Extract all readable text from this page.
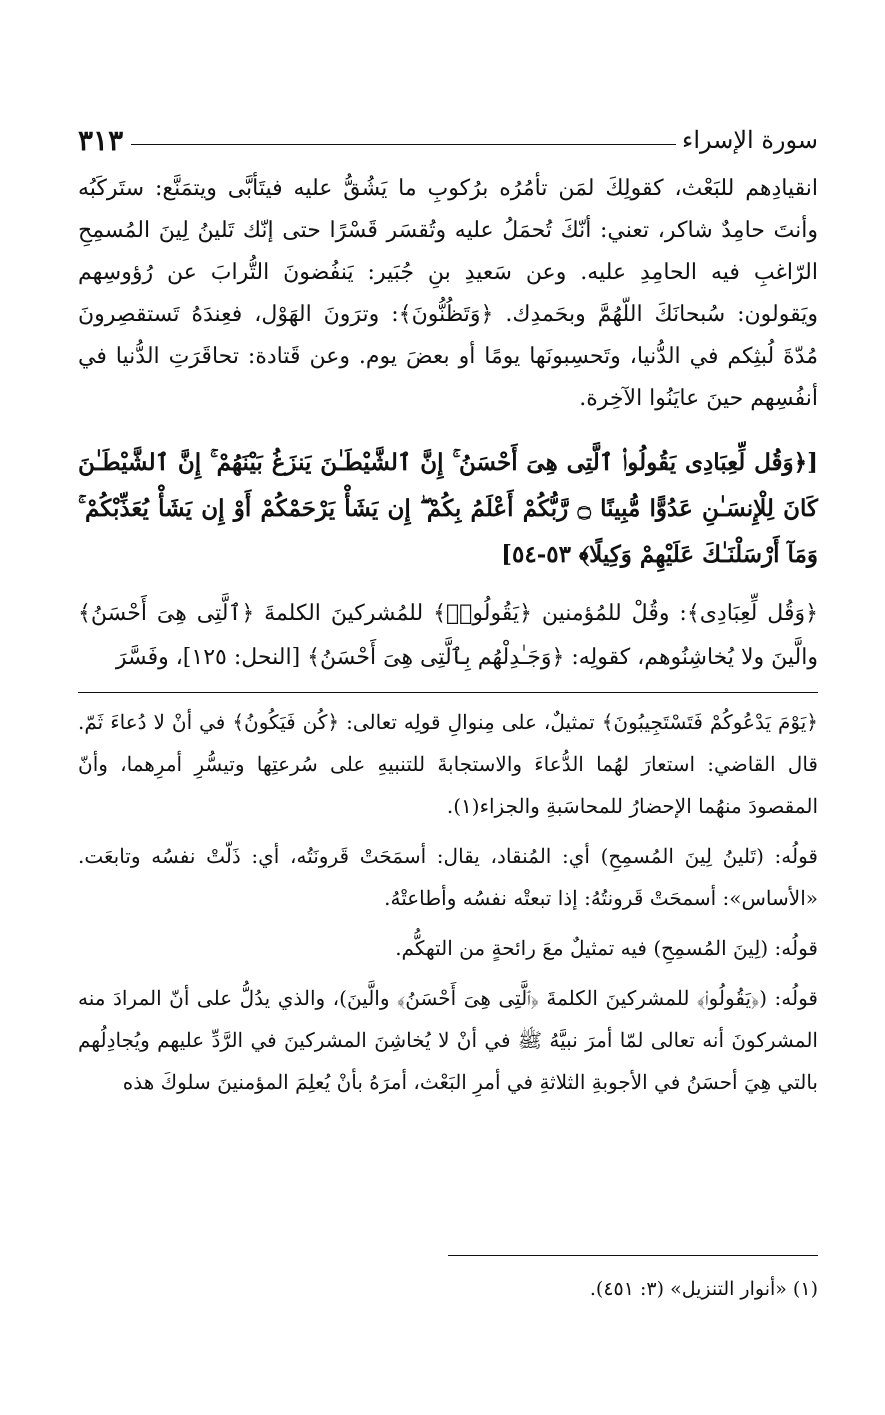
سورة الإسراء
٣١٣

انقيادِهم للبَعْث، كقولِكَ لمَن تأمُرُه برُكوبِ ما يَشُقُّ عليه فيتَأبَّى ويتمَنَّع: ستَركَبُه وأنتَ حامِدٌ شاكر، تعني: أنّكَ تُحمَلُ عليه وتُقسَر قَسْرًا حتى إنّك تَلينُ لِينَ المُسمِحِ الرّاغبِ فيه الحامِدِ عليه. وعن سَعيدِ بنِ جُبَير: يَنفُضونَ التُّرابَ عن رُؤوسِهم ويَقولون: سُبحانَكَ اللّهُمَّ وبحَمدِك. ﴿وَتَظُنُّونَ﴾: وترَونَ الهَوْل، فعِندَهُ تَستقصِرونَ مُدّةَ لُبثِكم في الدُّنيا، وتَحسِبونَها يومًا أو بعضَ يوم. وعن قَتادة: تحاقَرَتِ الدُّنيا في أنفُسِهم حينَ عايَنُوا الآخِرة.

[﴿وَقُل لِّعِبَادِى يَقُولُوا۟ ٱلَّتِى هِىَ أَحْسَنُ ۚ إِنَّ ٱلشَّيْطَـٰنَ يَنزَغُ بَيْنَهُمْ ۚ إِنَّ ٱلشَّيْطَـٰنَ كَانَ لِلْإِنسَـٰنِ عَدُوًّا مُّبِينًا ۝ رَّبُّكُمْ أَعْلَمُ بِكُمْ ۖ إِن يَشَأْ يَرْحَمْكُمْ أَوْ إِن يَشَأْ يُعَذِّبْكُمْ ۚ وَمَآ أَرْسَلْنَـٰكَ عَلَيْهِمْ وَكِيلًا﴾ ٥٣-٥٤]

﴿وَقُل لِّعِبَادِى﴾: وقُلْ للمُؤمنين ﴿يَقُولُوا۟﴾ للمُشركينَ الكلمةَ ﴿ٱلَّتِى هِىَ أَحْسَنُ﴾ والَّينَ ولا يُخاشِنُوهم، كقولِه: ﴿وَجَـٰدِلْهُم بِٱلَّتِى هِىَ أَحْسَنُ﴾ [النحل: ١٢٥]، وفَسَّرَ

﴿يَوْمَ يَدْعُوكُمْ فَتَسْتَجِيبُونَ﴾ تمثيلٌ، على مِنوالِ قولِه تعالى: ﴿كُن فَيَكُونُ﴾ في أنْ لا دُعاءَ ثَمّ. قال القاضي: استعارَ لهُما الدُّعاءَ والاستجابةَ للتنبيهِ على سُرعتِها وتيسُّرِ أمرِهما، وأنّ المقصودَ منهُما الإحضارُ للمحاسَبةِ والجزاء(١).

قولُه: (تَلينُ لِينَ المُسمِحِ) أي: المُنقاد، يقال: أسمَحَتْ قَرونَتُه، أي: ذَلّتْ نفسُه وتابعَت. «الأساس»: أسمحَتْ قَرونتُهُ: إذا تبعتْه نفسُه وأطاعتْهُ.

قولُه: (لِينَ المُسمِحِ) فيه تمثيلٌ معَ رائحةٍ من التهكُّم.

قولُه: (﴿يَقُولُوا۟﴾ للمشركينَ الكلمةَ ﴿ٱلَّتِى هِىَ أَحْسَنُ﴾ والَّينَ)، والذي يدُلُّ على أنّ المرادَ منه المشركونَ أنه تعالى لمّا أمرَ نبيَّهُ ﷺ في أنْ لا يُخاشِنَ المشركينَ في الرَّدِّ عليهم ويُجادِلُهم بالتي هِيَ أحسَنُ في الأجوبةِ الثلاثةِ في أمرِ البَعْث، أمرَهُ بأنْ يُعلِمَ المؤمنينَ سلوكَ هذه

(١) «أنوار التنزيل» (٣: ٤٥١).
